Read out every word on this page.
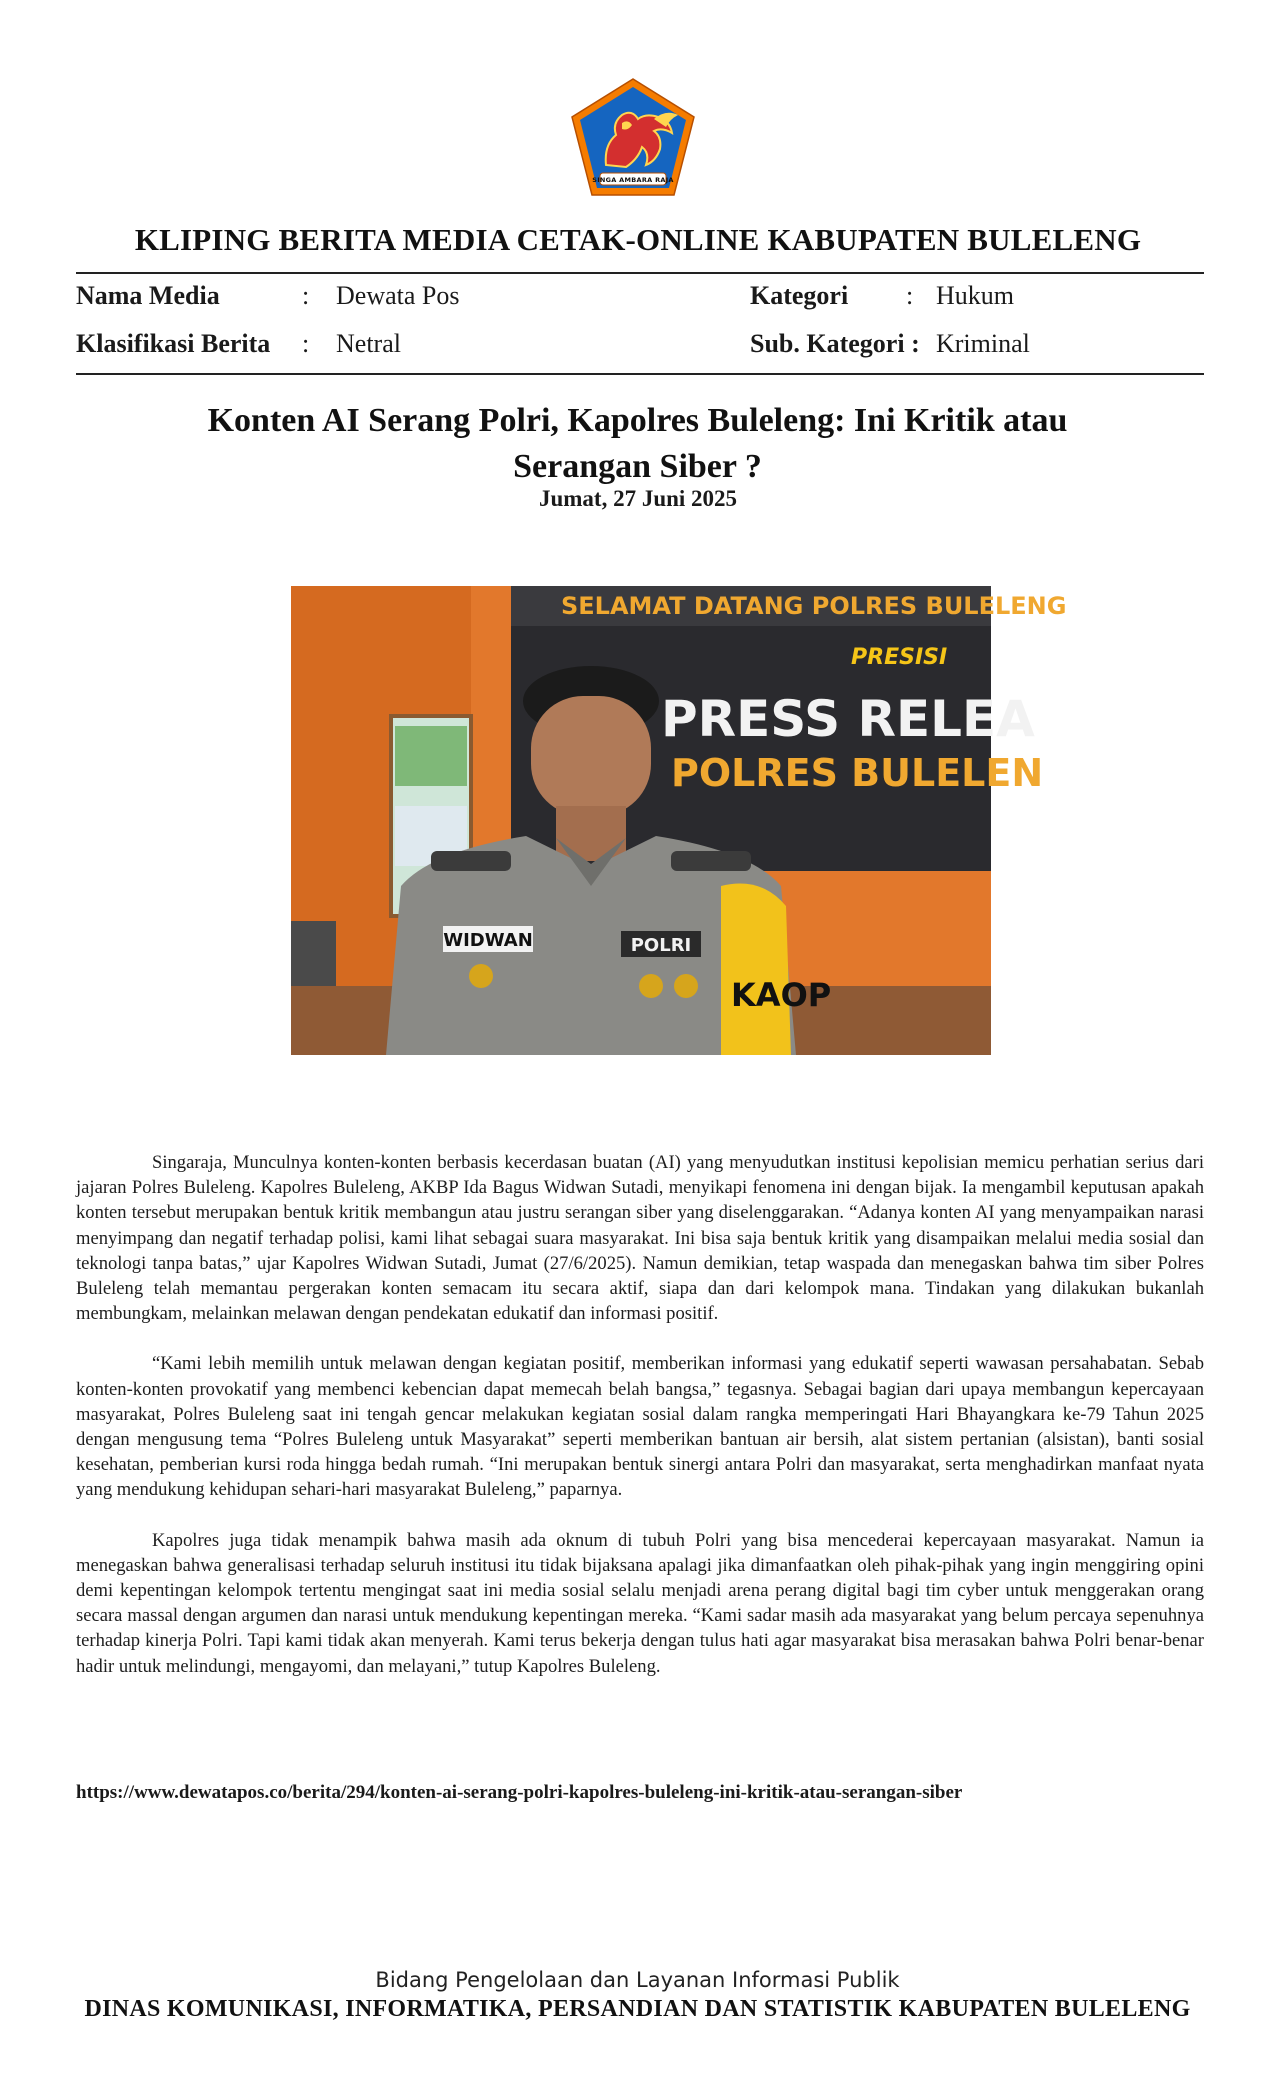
SINGA AMBARA RAJA
KLIPING BERITA MEDIA CETAK-ONLINE KABUPATEN BULELENG
Nama Media	: Dewata Pos	Kategori : Hukum
Klasifikasi Berita : Netral	Sub. Kategori : Kriminal
Konten AI Serang Polri, Kapolres Buleleng: Ini Kritik atau Serangan Siber ?
Jumat, 27 Juni 2025
SELAMAT DATANG POLRES BULELENG
PRESISI
PRESS RELEA
POLRES BULELEN
KAOP
WIDWAN	POLRI

Singaraja, Munculnya konten-konten berbasis kecerdasan buatan (AI) yang menyudutkan institusi kepolisian memicu perhatian serius dari jajaran Polres Buleleng. Kapolres Buleleng, AKBP Ida Bagus Widwan Sutadi, menyikapi fenomena ini dengan bijak. Ia mengambil keputusan apakah konten tersebut merupakan bentuk kritik membangun atau justru serangan siber yang diselenggarakan. “Adanya konten AI yang menyampaikan narasi menyimpang dan negatif terhadap polisi, kami lihat sebagai suara masyarakat. Ini bisa saja bentuk kritik yang disampaikan melalui media sosial dan teknologi tanpa batas,” ujar Kapolres Widwan Sutadi, Jumat (27/6/2025). Namun demikian, tetap waspada dan menegaskan bahwa tim siber Polres Buleleng telah memantau pergerakan konten semacam itu secara aktif, siapa dan dari kelompok mana. Tindakan yang dilakukan bukanlah membungkam, melainkan melawan dengan pendekatan edukatif dan informasi positif.

“Kami lebih memilih untuk melawan dengan kegiatan positif, memberikan informasi yang edukatif seperti wawasan persahabatan. Sebab konten-konten provokatif yang membenci kebencian dapat memecah belah bangsa,” tegasnya. Sebagai bagian dari upaya membangun kepercayaan masyarakat, Polres Buleleng saat ini tengah gencar melakukan kegiatan sosial dalam rangka memperingati Hari Bhayangkara ke-79 Tahun 2025 dengan mengusung tema “Polres Buleleng untuk Masyarakat” seperti memberikan bantuan air bersih, alat sistem pertanian (alsistan), banti sosial kesehatan, pemberian kursi roda hingga bedah rumah. “Ini merupakan bentuk sinergi antara Polri dan masyarakat, serta menghadirkan manfaat nyata yang mendukung kehidupan sehari-hari masyarakat Buleleng,” paparnya.

Kapolres juga tidak menampik bahwa masih ada oknum di tubuh Polri yang bisa mencederai kepercayaan masyarakat. Namun ia menegaskan bahwa generalisasi terhadap seluruh institusi itu tidak bijaksana apalagi jika dimanfaatkan oleh pihak-pihak yang ingin menggiring opini demi kepentingan kelompok tertentu mengingat saat ini media sosial selalu menjadi arena perang digital bagi tim cyber untuk menggerakan orang secara massal dengan argumen dan narasi untuk mendukung kepentingan mereka. “Kami sadar masih ada masyarakat yang belum percaya sepenuhnya terhadap kinerja Polri. Tapi kami tidak akan menyerah. Kami terus bekerja dengan tulus hati agar masyarakat bisa merasakan bahwa Polri benar-benar hadir untuk melindungi, mengayomi, dan melayani,” tutup Kapolres Buleleng.

https://www.dewatapos.co/berita/294/konten-ai-serang-polri-kapolres-buleleng-ini-kritik-atau-serangan-siber
Bidang Pengelolaan dan Layanan Informasi Publik
DINAS KOMUNIKASI, INFORMATIKA, PERSANDIAN DAN STATISTIK KABUPATEN BULELENG
